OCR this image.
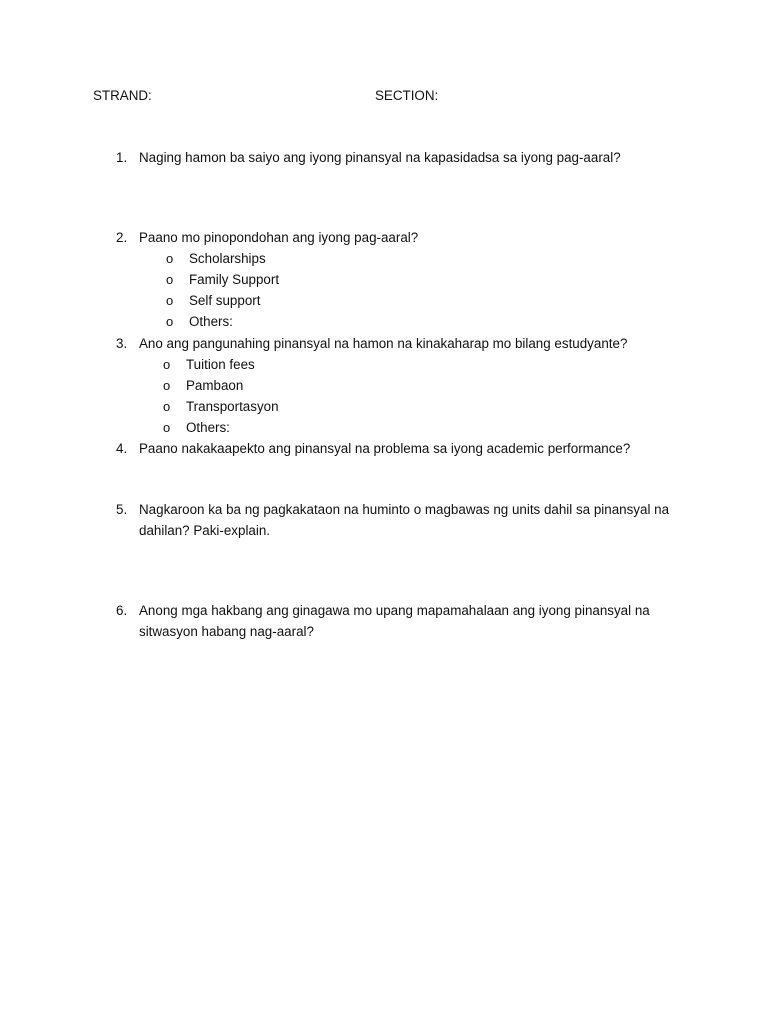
STRAND:	SECTION:
1. Naging hamon ba saiyo ang iyong pinansyal na kapasidadsa sa iyong pag-aaral?
2. Paano mo pinopondohan ang iyong pag-aaral?
o Scholarships
o Family Support
o Self support
o Others:
3. Ano ang pangunahing pinansyal na hamon na kinakaharap mo bilang estudyante?
o Tuition fees
o Pambaon
o Transportasyon
o Others:
4. Paano nakakaapekto ang pinansyal na problema sa iyong academic performance?
5. Nagkaroon ka ba ng pagkakataon na huminto o magbawas ng units dahil sa pinansyal na dahilan? Paki-explain.
6. Anong mga hakbang ang ginagawa mo upang mapamahalaan ang iyong pinansyal na sitwasyon habang nag-aaral?
